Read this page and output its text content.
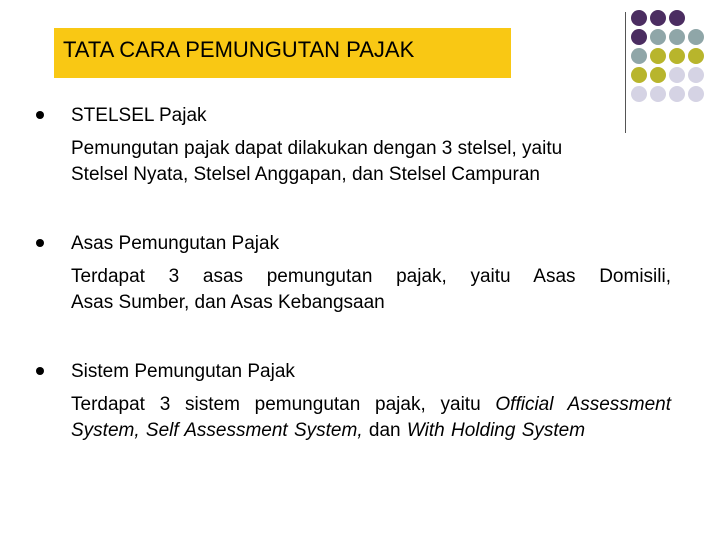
TATA CARA PEMUNGUTAN PAJAK
STELSEL Pajak
Pemungutan pajak dapat dilakukan dengan 3 stelsel, yaitu
Stelsel Nyata, Stelsel Anggapan, dan Stelsel Campuran
Asas Pemungutan Pajak
Terdapat 3 asas pemungutan pajak, yaitu Asas Domisili,
Asas Sumber, dan Asas Kebangsaan
Sistem Pemungutan Pajak
Terdapat 3 sistem pemungutan pajak, yaitu Official Assessment System, Self Assessment System, dan With Holding System
